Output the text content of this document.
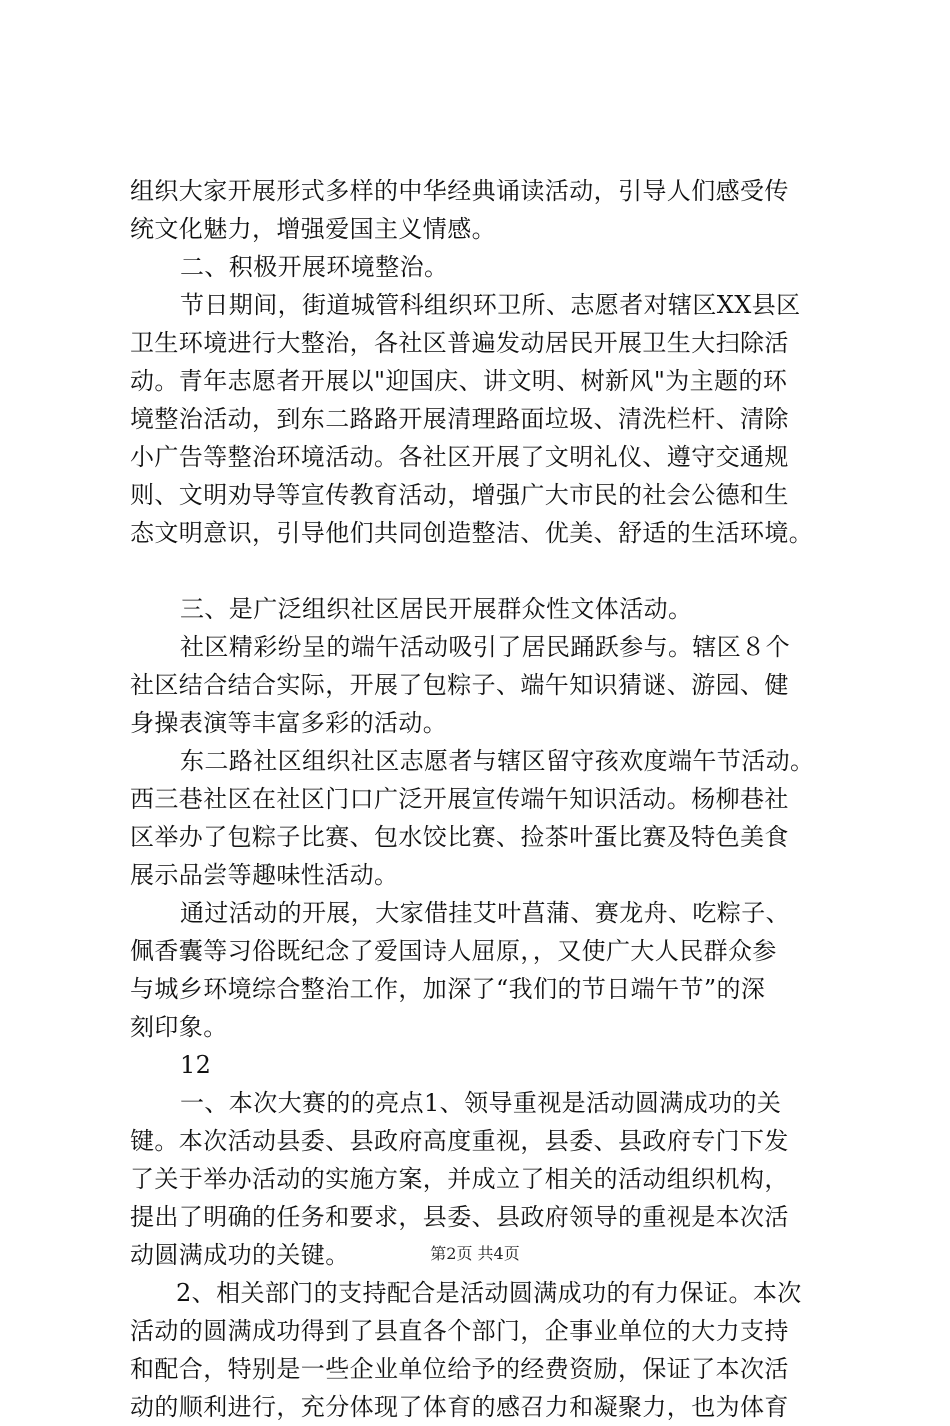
组织大家开展形式多样的中华经典诵读活动，引导人们感受传
统文化魅力，增强爱国主义情感。
二、积极开展环境整治。
节日期间，街道城管科组织环卫所、志愿者对辖区XX县区
卫生环境进行大整治，各社区普遍发动居民开展卫生大扫除活
动。青年志愿者开展以"迎国庆、讲文明、树新风"为主题的环
境整治活动，到东二路路开展清理路面垃圾、清洗栏杆、清除
小广告等整治环境活动。各社区开展了文明礼仪、遵守交通规
则、文明劝导等宣传教育活动，增强广大市民的社会公德和生
态文明意识，引导他们共同创造整洁、优美、舒适的生活环境。
三、是广泛组织社区居民开展群众性文体活动。
社区精彩纷呈的端午活动吸引了居民踊跃参与。辖区８个
社区结合结合实际，开展了包粽子、端午知识猜谜、游园、健
身操表演等丰富多彩的活动。
东二路社区组织社区志愿者与辖区留守孩欢度端午节活动。
西三巷社区在社区门口广泛开展宣传端午知识活动。杨柳巷社
区举办了包粽子比赛、包水饺比赛、捡茶叶蛋比赛及特色美食
展示品尝等趣味性活动。
通过活动的开展，大家借挂艾叶菖蒲、赛龙舟、吃粽子、
佩香囊等习俗既纪念了爱国诗人屈原，，又使广大人民群众参
与城乡环境综合整治工作，加深了“我们的节日端午节”的深
刻印象。
12
一、本次大赛的的亮点1、领导重视是活动圆满成功的关
键。本次活动县委、县政府高度重视，县委、县政府专门下发
了关于举办活动的实施方案，并成立了相关的活动组织机构，
提出了明确的任务和要求，县委、县政府领导的重视是本次活
动圆满成功的关键。
2、相关部门的支持配合是活动圆满成功的有力保证。本次
活动的圆满成功得到了县直各个部门，企事业单位的大力支持
和配合，特别是一些企业单位给予的经费资励，保证了本次活
动的顺利进行，充分体现了体育的感召力和凝聚力，也为体育
第2页 共4页
